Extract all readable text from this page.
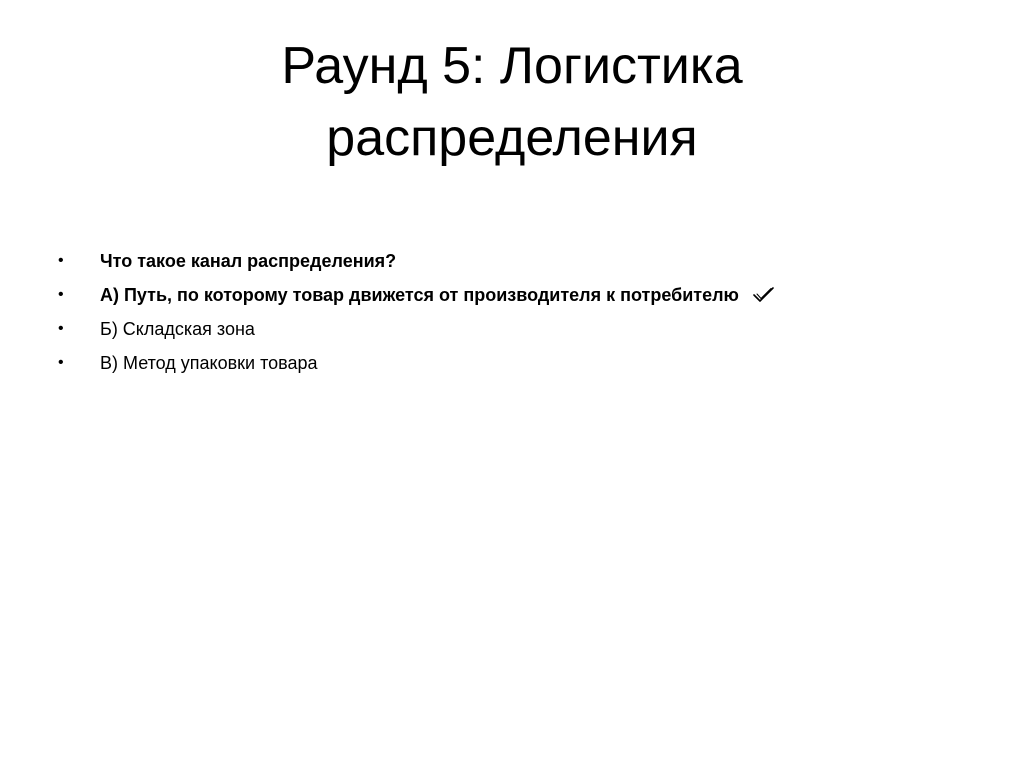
Раунд 5: Логистика распределения
•	Что такое канал распределения?
•	А) Путь, по которому товар движется от производителя к потребителю
•	Б) Складская зона
•	В) Метод упаковки товара
